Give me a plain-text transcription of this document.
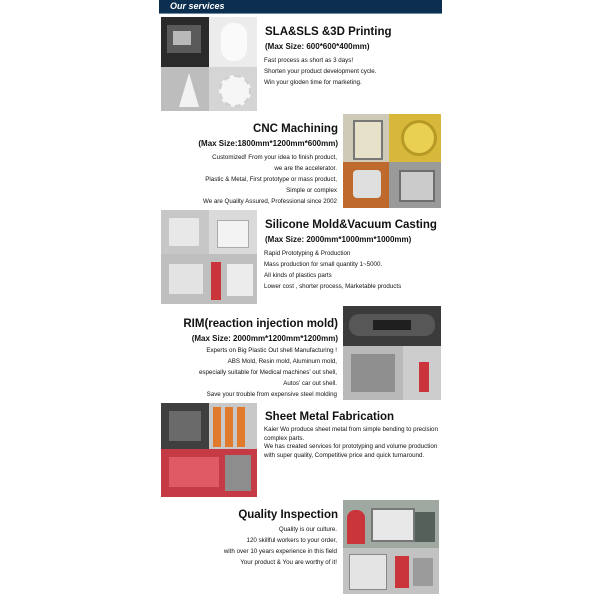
Our services
SLA&SLS &3D Printing
(Max Size: 600*600*400mm)
Fast process as short as 3 days!
Shorten your product development cycle.
Win your gloden time for marketing.
CNC Machining
(Max Size:1800mm*1200mm*600mm)
Customized! From your idea to finish product,
we are the accelerator.
Plastic & Metal, First prototype or mass product,
Simple or complex
We are Quality Assured, Professional since 2002
Silicone Mold&Vacuum Casting
(Max Size: 2000mm*1000mm*1000mm)
Rapid Prototyping & Production
Mass production for small quantity 1~5000.
All kinds of plastics parts
Lower cost , shorter process, Marketable products
RIM(reaction injection mold)
(Max Size: 2000mm*1200mm*1200mm)
Experts on Big Plastic Out shell Manufacturing !
ABS Mold, Resin mold, Aluminum mold,
especially suitable for Medical machines' out shell,
Autos' car out shell.
Save your trouble from expensive steel molding
Sheet Metal Fabrication
Kaier Wo produce sheet metal from simple bending to precision complex parts.
We has created services for prototyping and volume production with super quality, Competitive price and quick turnaround.
Quality Inspection
Quality is our culture.
120 skillful workers to your order,
with over 10 years experience in this field
Your product & You are worthy of it!
